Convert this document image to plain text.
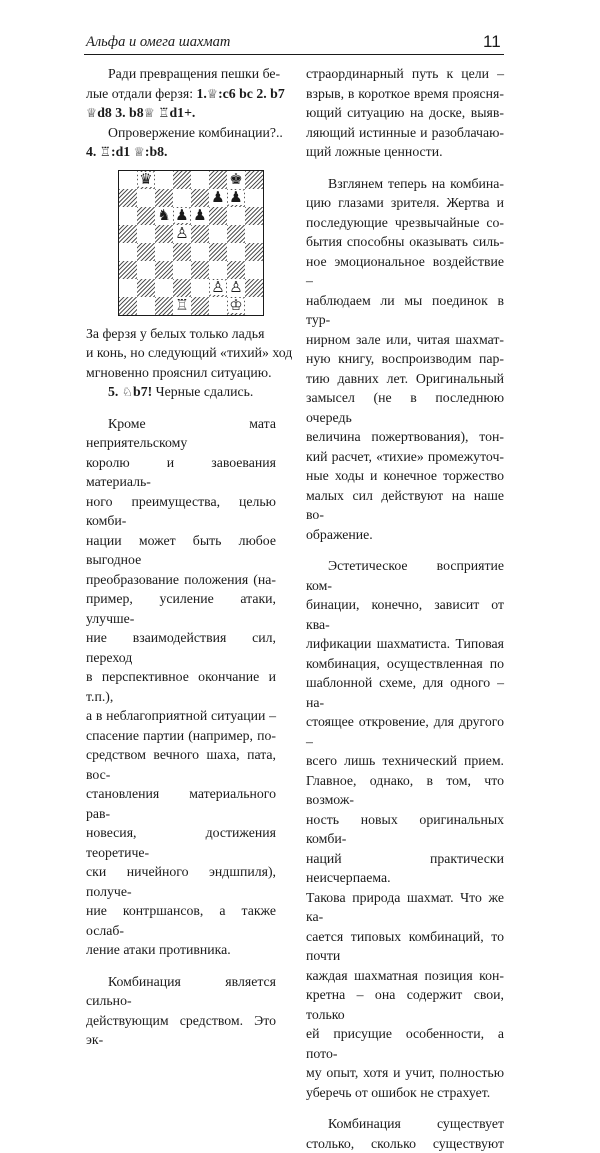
Альфа и омега шахмат	11

Ради превращения пешки бе-
лые отдали ферзя: 1.♕:с6 bc 2. b7
♕d8 3. b8♕ ♖d1+.

Опровержение комбинации?..
4. ♖:d1 ♕:b8.

♛	♚
♟ ♟
♞ ♟ ♟
♙
♙ ♙
♖	♔

За ферзя у белых только ладья
и конь, но следующий «тихий» ход
мгновенно прояснил ситуацию.

5. ♘b7! Черные сдались.

Кроме мата неприятельскому
королю и завоевания материаль-
ного преимущества, целью комби-
нации может быть любое выгодное
преобразование положения (на-
пример, усиление атаки, улучше-
ние взаимодействия сил, переход
в перспективное окончание и т.п.),
а в неблагоприятной ситуации –
спасение партии (например, по-
средством вечного шаха, пата, вос-
становления материального рав-
новесия, достижения теоретиче-
ски ничейного эндшпиля), получе-
ние контршансов, а также ослаб-
ление атаки противника.

Комбинация является сильно-
действующим средством. Это эк-

страординарный путь к цели –
взрыв, в короткое время проясня-
ющий ситуацию на доске, выяв-
ляющий истинные и разоблачаю-
щий ложные ценности.

Взглянем теперь на комбина-
цию глазами зрителя. Жертва и
последующие чрезвычайные со-
бытия способны оказывать силь-
ное эмоциональное воздействие –
наблюдаем ли мы поединок в тур-
нирном зале или, читая шахмат-
ную книгу, воспроизводим пар-
тию давних лет. Оригинальный
замысел (не в последнюю очередь
величина пожертвования), тон-
кий расчет, «тихие» промежуточ-
ные ходы и конечное торжество
малых сил действуют на наше во-
ображение.

Эстетическое восприятие ком-
бинации, конечно, зависит от ква-
лификации шахматиста. Типовая
комбинация, осуществленная по
шаблонной схеме, для одного – на-
стоящее откровение, для другого –
всего лишь технический прием.
Главное, однако, в том, что возмож-
ность новых оригинальных комби-
наций практически неисчерпаема.
Такова природа шахмат. Что же ка-
сается типовых комбинаций, то почти
каждая шахматная позиция кон-
кретна – она содержит свои, только
ей присущие особенности, а пото-
му опыт, хотя и учит, полностью
уберечь от ошибок не страхует.

Комбинация существует
столько, сколько существуют
